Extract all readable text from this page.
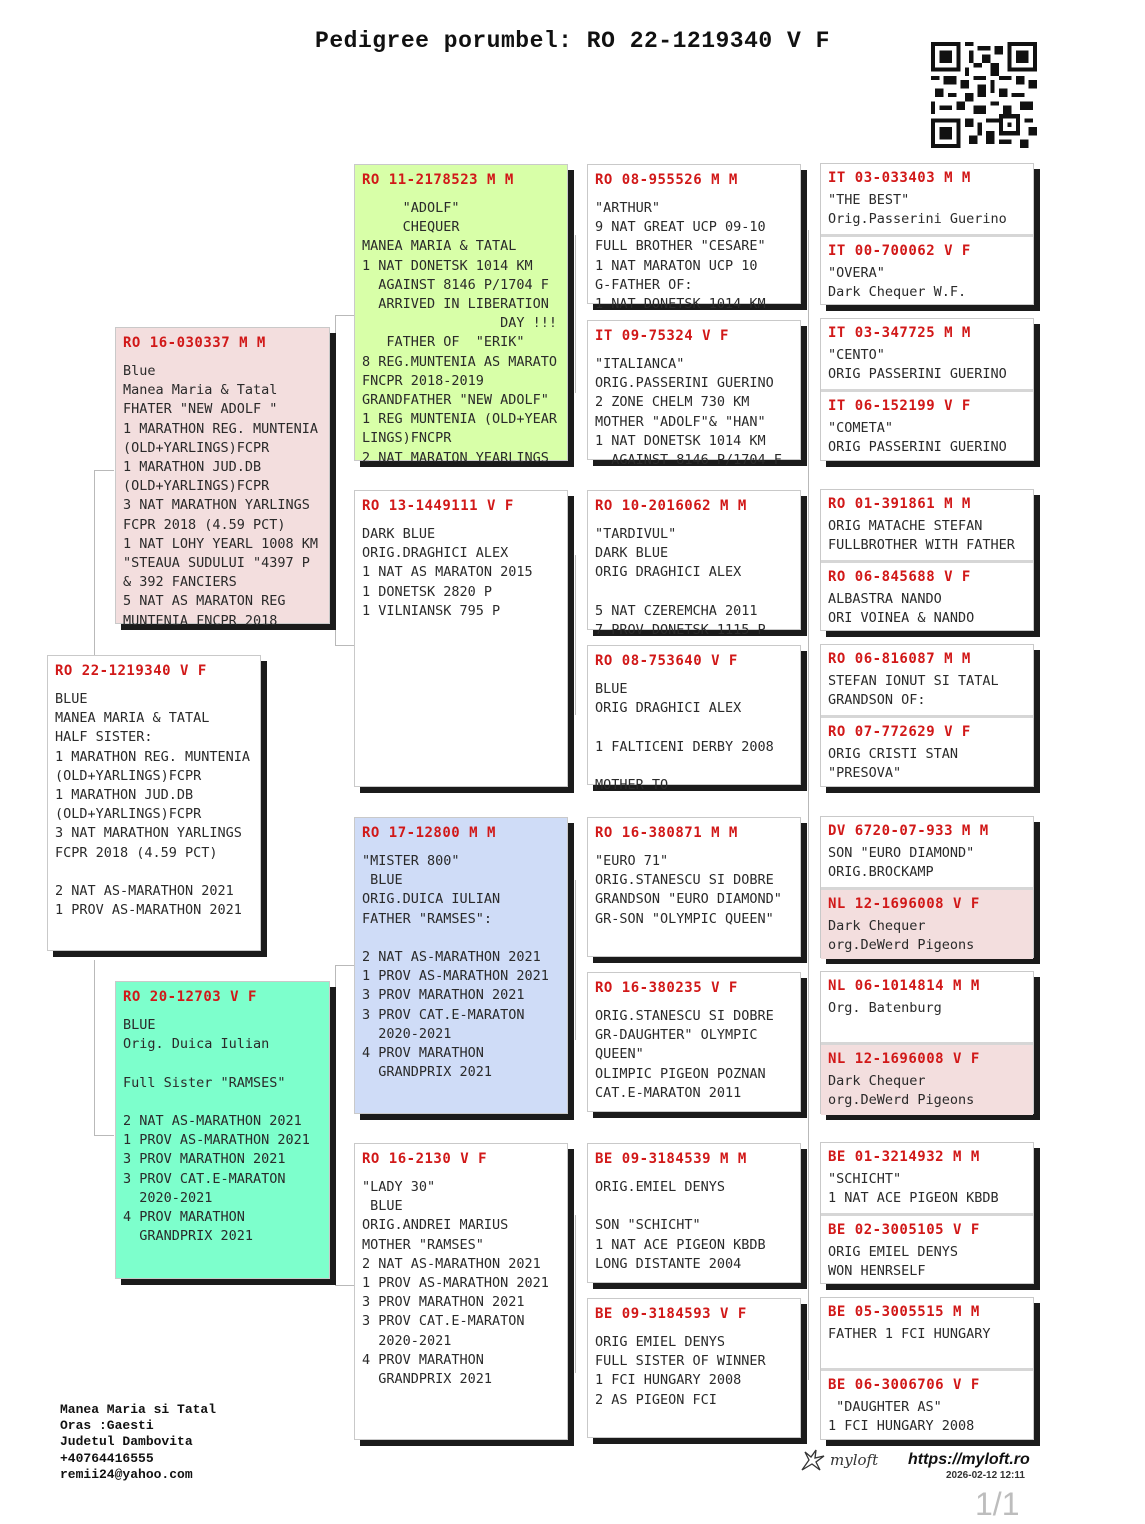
Pedigree porumbel: RO 22-1219340 V F
RO 22-1219340 V F
BLUE
MANEA MARIA & TATAL
HALF SISTER:
1 MARATHON REG. MUNTENIA
(OLD+YARLINGS)FCPR
1 MARATHON JUD.DB
(OLD+YARLINGS)FCPR
3 NAT MARATHON YARLINGS
FCPR 2018 (4.59 PCT)

2 NAT AS-MARATHON 2021
1 PROV AS-MARATHON 2021
RO 16-030337 M M
Blue
Manea Maria & Tatal
FHATER "NEW ADOLF "
1 MARATHON REG. MUNTENIA
(OLD+YARLINGS)FCPR
1 MARATHON JUD.DB
(OLD+YARLINGS)FCPR
3 NAT MARATHON YARLINGS
FCPR 2018 (4.59 PCT)
1 NAT LOHY YEARL 1008 KM
"STEAUA SUDULUI "4397 P
& 392 FANCIERS
5 NAT AS MARATON REG
MUNTENIA FNCPR 2018
RO 20-12703 V F
BLUE
Orig. Duica Iulian

Full Sister "RAMSES"

2 NAT AS-MARATHON 2021
1 PROV AS-MARATHON 2021
3 PROV MARATHON 2021
3 PROV CAT.E-MARATON
2020-2021
4 PROV MARATHON
GRANDPRIX 2021
RO 11-2178523 M M
"ADOLF"
CHEQUER
MANEA MARIA & TATAL
1 NAT DONETSK 1014 KM
AGAINST 8146 P/1704 F
ARRIVED IN LIBERATION
DAY !!!
FATHER OF  "ERIK"
8 REG.MUNTENIA AS MARATO
FNCPR 2018-2019
GRANDFATHER "NEW ADOLF"
1 REG MUNTENIA (OLD+YEAR
LINGS)FNCPR
2 NAT MARATON YEARLINGS
RO 13-1449111 V F
DARK BLUE
ORIG.DRAGHICI ALEX
1 NAT AS MARATON 2015
1 DONETSK 2820 P
1 VILNIANSK 795 P
RO 17-12800 M M
"MISTER 800"
BLUE
ORIG.DUICA IULIAN
FATHER "RAMSES":

2 NAT AS-MARATHON 2021
1 PROV AS-MARATHON 2021
3 PROV MARATHON 2021
3 PROV CAT.E-MARATON
2020-2021
4 PROV MARATHON
GRANDPRIX 2021
RO 16-2130 V F
"LADY 30"
BLUE
ORIG.ANDREI MARIUS
MOTHER "RAMSES"
2 NAT AS-MARATHON 2021
1 PROV AS-MARATHON 2021
3 PROV MARATHON 2021
3 PROV CAT.E-MARATON
2020-2021
4 PROV MARATHON
GRANDPRIX 2021
RO 08-955526 M M
"ARTHUR"
9 NAT GREAT UCP 09-10
FULL BROTHER "CESARE"
1 NAT MARATON UCP 10
G-FATHER OF:
1 NAT DONETSK 1014 KM
IT 09-75324 V F
"ITALIANCA"
ORIG.PASSERINI GUERINO
2 ZONE CHELM 730 KM
MOTHER "ADOLF"& "HAN"
1 NAT DONETSK 1014 KM
AGAINST 8146 P/1704 F
RO 10-2016062 M M
"TARDIVUL"
DARK BLUE
ORIG DRAGHICI ALEX

5 NAT CZEREMCHA 2011
7 PROV DONETSK 1115 P
RO 08-753640 V F
BLUE
ORIG DRAGHICI ALEX

1 FALTICENI DERBY 2008

MOTHER TO
RO 16-380871 M M
"EURO 71"
ORIG.STANESCU SI DOBRE
GRANDSON "EURO DIAMOND"
GR-SON "OLYMPIC QUEEN"
RO 16-380235 V F
ORIG.STANESCU SI DOBRE
GR-DAUGHTER" OLYMPIC
QUEEN"
OLIMPIC PIGEON POZNAN
CAT.E-MARATON 2011
BE 09-3184539 M M
ORIG.EMIEL DENYS

SON "SCHICHT"
1 NAT ACE PIGEON KBDB
LONG DISTANTE 2004
BE 09-3184593 V F
ORIG EMIEL DENYS
FULL SISTER OF WINNER
1 FCI HUNGARY 2008
2 AS PIGEON FCI
IT 03-033403 M M
"THE BEST"
Orig.Passerini Guerino
IT 00-700062 V F
"OVERA"
Dark Chequer W.F.
IT 03-347725 M M
"CENTO"
ORIG PASSERINI GUERINO
IT 06-152199 V F
"COMETA"
ORIG PASSERINI GUERINO
RO 01-391861 M M
ORIG MATACHE STEFAN
FULLBROTHER WITH FATHER
RO 06-845688 V F
ALBASTRA NANDO
ORI VOINEA & NANDO
RO 06-816087 M M
STEFAN IONUT SI TATAL
GRANDSON OF:
RO 07-772629 V F
ORIG CRISTI STAN
"PRESOVA"
DV 6720-07-933 M M
SON "EURO DIAMOND"
ORIG.BROCKAMP
NL 12-1696008 V F
Dark Chequer
org.DeWerd Pigeons
NL 06-1014814 M M
Org. Batenburg
NL 12-1696008 V F
Dark Chequer
org.DeWerd Pigeons
BE 01-3214932 M M
"SCHICHT"
1 NAT ACE PIGEON KBDB
BE 02-3005105 V F
ORIG EMIEL DENYS
WON HENRSELF
BE 05-3005515 M M
FATHER 1 FCI HUNGARY
BE 06-3006706 V F
"DAUGHTER AS"
1 FCI HUNGARY 2008
Manea Maria si Tatal
Oras :Gaesti
Judetul Dambovita
+40764416555
remii24@yahoo.com
myloft https://myloft.ro
2026-02-12 12:11
1/1
